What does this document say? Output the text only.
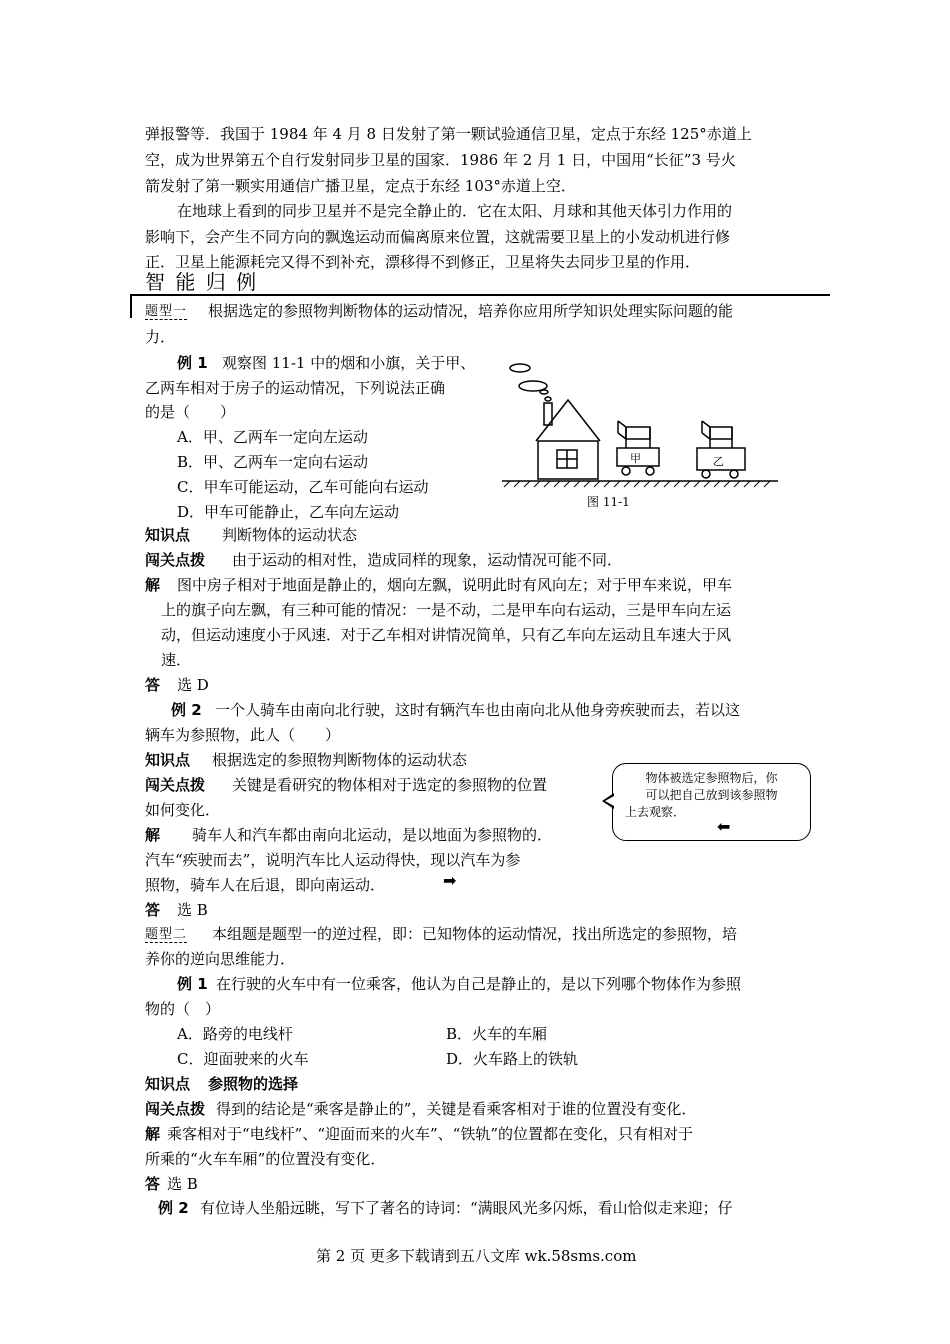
弹报警等．我国于 1984 年 4 月 8 日发射了第一颗试验通信卫星，定点于东经 125°赤道上
空，成为世界第五个自行发射同步卫星的国家．1986 年 2 月 1 日，中国用“长征”3 号火
箭发射了第一颗实用通信广播卫星，定点于东经 103°赤道上空．
在地球上看到的同步卫星并不是完全静止的．它在太阳、月球和其他天体引力作用的
影响下，会产生不同方向的飘逸运动而偏离原来位置，这就需要卫星上的小发动机进行修
正．卫星上能源耗完又得不到补充，漂移得不到修正，卫星将失去同步卫星的作用．
智 能 归 例
题型一 根据选定的参照物判断物体的运动情况，培养你应用所学知识处理实际问题的能
力．
例 1 观察图 11-1 中的烟和小旗，关于甲、
乙两车相对于房子的运动情况，下列说法正确
的是（　　）
A．甲、乙两车一定向左运动
B．甲、乙两车一定向右运动
C．甲车可能运动，乙车可能向右运动
D．甲车可能静止，乙车向左运动
甲	乙
图 11-1
知识点 判断物体的运动状态
闯关点拨 由于运动的相对性，造成同样的现象，运动情况可能不同．
解 图中房子相对于地面是静止的，烟向左飘，说明此时有风向左；对于甲车来说，甲车
上的旗子向左飘，有三种可能的情况：一是不动，二是甲车向右运动，三是甲车向左运
动，但运动速度小于风速．对于乙车相对讲情况简单，只有乙车向左运动且车速大于风
速．
答 选 D
例 2 一个人骑车由南向北行驶，这时有辆汽车也由南向北从他身旁疾驶而去，若以这
辆车为参照物，此人（　　）
知识点 根据选定的参照物判断物体的运动状态
闯关点拨 关键是看研究的物体相对于选定的参照物的位置
如何变化．
解 骑车人和汽车都由南向北运动，是以地面为参照物的．
汽车“疾驶而去”，说明汽车比人运动得快，现以汽车为参
照物，骑车人在后退，即向南运动．	➡
答 选 B
物体被选定参照物后，你
可以把自己放到该参照物
上去观察．
⬅
题型二 本组题是题型一的逆过程，即：已知物体的运动情况，找出所选定的参照物，培
养你的逆向思维能力．
例 1 在行驶的火车中有一位乘客，他认为自己是静止的，是以下列哪个物体作为参照
物的（　）
A．路旁的电线杆	B．火车的车厢
C．迎面驶来的火车	D．火车路上的铁轨
知识点 参照物的选择
闯关点拨 得到的结论是“乘客是静止的”，关键是看乘客相对于谁的位置没有变化．
解 乘客相对于“电线杆”、“迎面而来的火车”、“铁轨”的位置都在变化，只有相对于
所乘的“火车车厢”的位置没有变化．
答 选 B
例 2 有位诗人坐船远眺，写下了著名的诗词：“满眼风光多闪烁，看山恰似走来迎；仔
第 2 页 更多下载请到五八文库 wk.58sms.com
